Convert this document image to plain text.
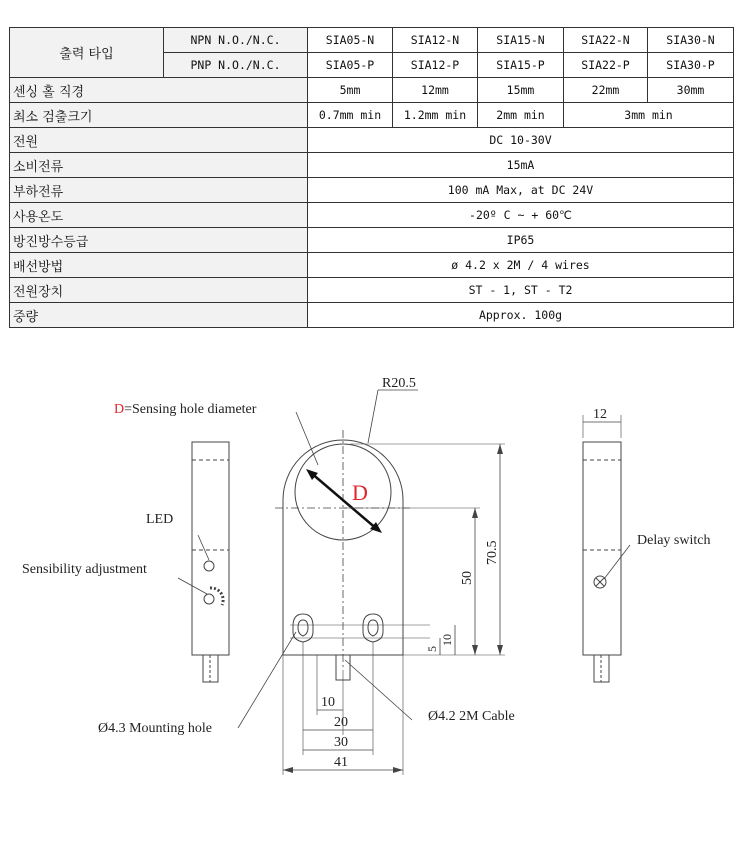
출력 타입	NPN N.O./N.C.	SIA05-N	SIA12-N	SIA15-N	SIA22-N	SIA30-N
	PNP N.O./N.C.	SIA05-P	SIA12-P	SIA15-P	SIA22-P	SIA30-P
센싱 홀 직경		5mm	12mm	15mm	22mm	30mm
최소 검출크기		0.7mm min	1.2mm min	2mm min	3mm min	
전원		DC 10-30V				
소비전류		15mA				
부하전류		100 mA Max, at DC 24V				
사용온도		-20º C ~ + 60℃				
방진방수등급		IP65				
배선방법		ø 4.2 x 2M / 4 wires				
전원장치		ST - 1, ST - T2				
중량		Approx. 100g				
R20.5
D=Sensing hole diameter
D
LED
Sensibility adjustment
Delay switch
Ø4.3 Mounting hole
Ø4.2 2M Cable
12
70.5
50
10
5
10
20
30
41
